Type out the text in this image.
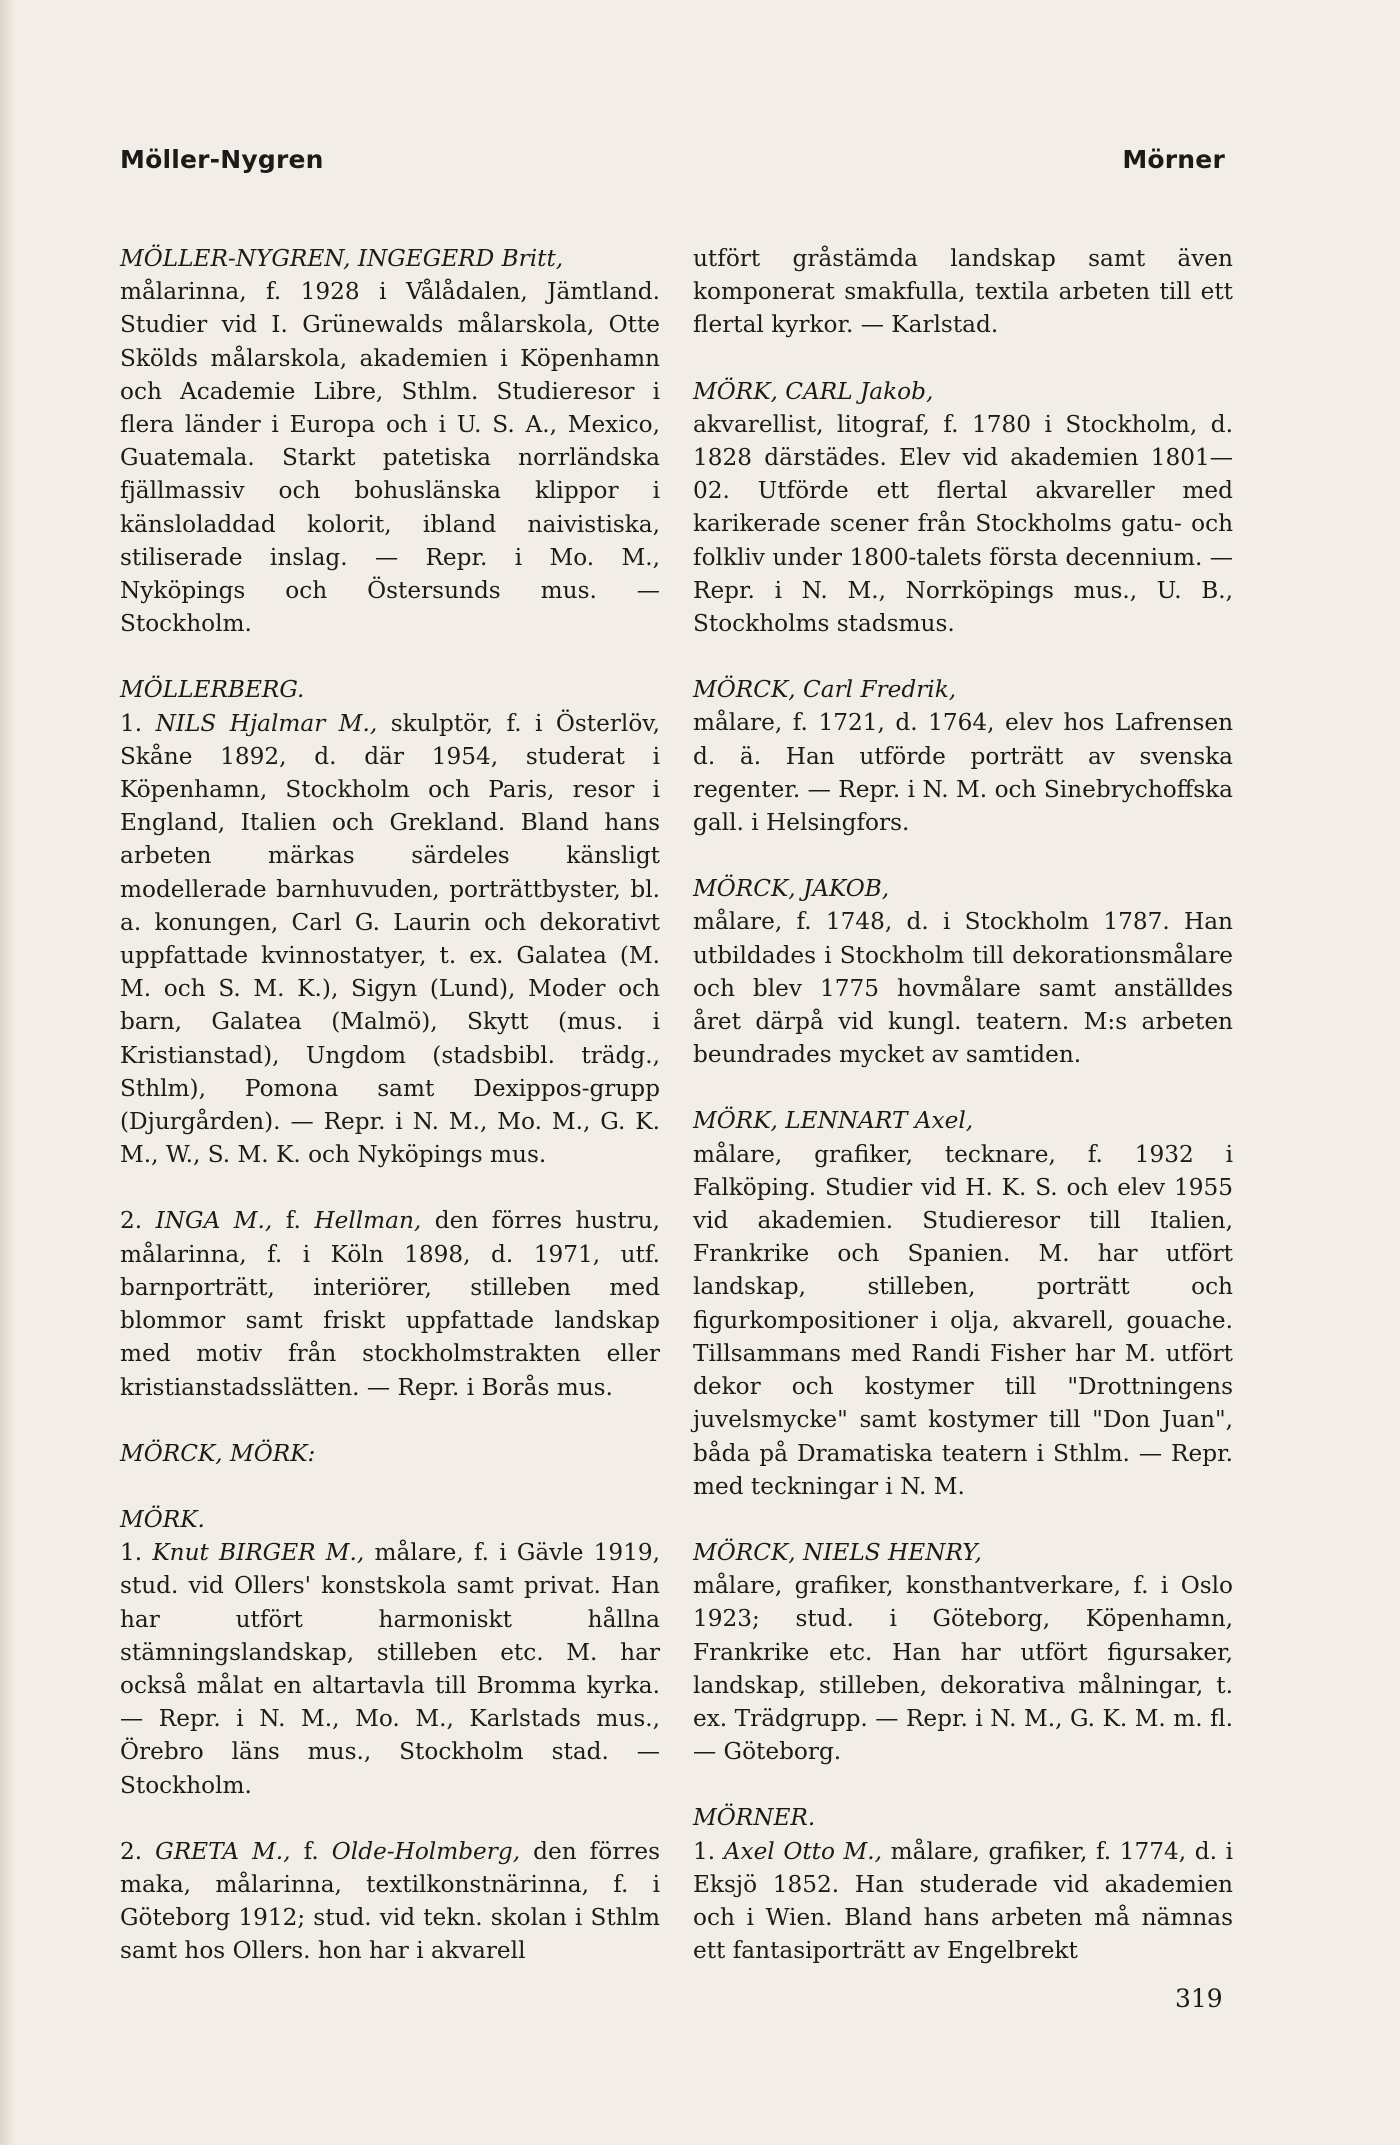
Möller-Nygren	Mörner

MÖLLER-NYGREN, INGEGERD Britt,
målarinna, f. 1928 i Vålådalen, Jämtland. Studier vid I. Grünewalds målarskola, Otte Skölds målarskola, akademien i Köpenhamn och Academie Libre, Sthlm. Studieresor i flera länder i Europa och i U. S. A., Mexico, Guatemala. Starkt patetiska norrländska fjällmassiv och bohuslänska klippor i känsloladdad kolorit, ibland naivistiska, stiliserade inslag. — Repr. i Mo. M., Nyköpings och Östersunds mus. — Stockholm.

MÖLLERBERG.

1. NILS Hjalmar M., skulptör, f. i Österlöv, Skåne 1892, d. där 1954, studerat i Köpenhamn, Stockholm och Paris, resor i England, Italien och Grekland. Bland hans arbeten märkas särdeles känsligt modellerade barnhuvuden, porträttbyster, bl. a. konungen, Carl G. Laurin och dekorativt uppfattade kvinnostatyer, t. ex. Galatea (M. M. och S. M. K.), Sigyn (Lund), Moder och barn, Galatea (Malmö), Skytt (mus. i Kristianstad), Ungdom (stadsbibl. trädg., Sthlm), Pomona samt Dexippos-grupp (Djurgården). — Repr. i N. M., Mo. M., G. K. M., W., S. M. K. och Nyköpings mus.

2. INGA M., f. Hellman, den förres hustru, målarinna, f. i Köln 1898, d. 1971, utf. barnporträtt, interiörer, stilleben med blommor samt friskt uppfattade landskap med motiv från stockholmstrakten eller kristianstadsslätten. — Repr. i Borås mus.

MÖRCK, MÖRK:

MÖRK.

1. Knut BIRGER M., målare, f. i Gävle 1919, stud. vid Ollers' konstskola samt privat. Han har utfört harmoniskt hållna stämningslandskap, stilleben etc. M. har också målat en altartavla till Bromma kyrka. — Repr. i N. M., Mo. M., Karlstads mus., Örebro läns mus., Stockholm stad. — Stockholm.

2. GRETA M., f. Olde-Holmberg, den förres maka, målarinna, textilkonstnärinna, f. i Göteborg 1912; stud. vid tekn. skolan i Sthlm samt hos Ollers. hon har i akvarell

utfört gråstämda landskap samt även komponerat smakfulla, textila arbeten till ett flertal kyrkor. — Karlstad.

MÖRK, CARL Jakob,
akvarellist, litograf, f. 1780 i Stockholm, d. 1828 därstädes. Elev vid akademien 1801—02. Utförde ett flertal akvareller med karikerade scener från Stockholms gatu- och folkliv under 1800-talets första decennium. — Repr. i N. M., Norrköpings mus., U. B., Stockholms stadsmus.

MÖRCK, Carl Fredrik,
målare, f. 1721, d. 1764, elev hos Lafrensen d. ä. Han utförde porträtt av svenska regenter. — Repr. i N. M. och Sinebrychoffska gall. i Helsingfors.

MÖRCK, JAKOB,
målare, f. 1748, d. i Stockholm 1787. Han utbildades i Stockholm till dekorationsmålare och blev 1775 hovmålare samt anställdes året därpå vid kungl. teatern. M:s arbeten beundrades mycket av samtiden.

MÖRK, LENNART Axel,
målare, grafiker, tecknare, f. 1932 i Falköping. Studier vid H. K. S. och elev 1955 vid akademien. Studieresor till Italien, Frankrike och Spanien. M. har utfört landskap, stilleben, porträtt och figurkompositioner i olja, akvarell, gouache. Tillsammans med Randi Fisher har M. utfört dekor och kostymer till "Drottningens juvelsmycke" samt kostymer till "Don Juan", båda på Dramatiska teatern i Sthlm. — Repr. med teckningar i N. M.

MÖRCK, NIELS HENRY,
målare, grafiker, konsthantverkare, f. i Oslo 1923; stud. i Göteborg, Köpenhamn, Frankrike etc. Han har utfört figursaker, landskap, stilleben, dekorativa målningar, t. ex. Trädgrupp. — Repr. i N. M., G. K. M. m. fl. — Göteborg.

MÖRNER.

1. Axel Otto M., målare, grafiker, f. 1774, d. i Eksjö 1852. Han studerade vid akademien och i Wien. Bland hans arbeten må nämnas ett fantasiporträtt av Engelbrekt

319
